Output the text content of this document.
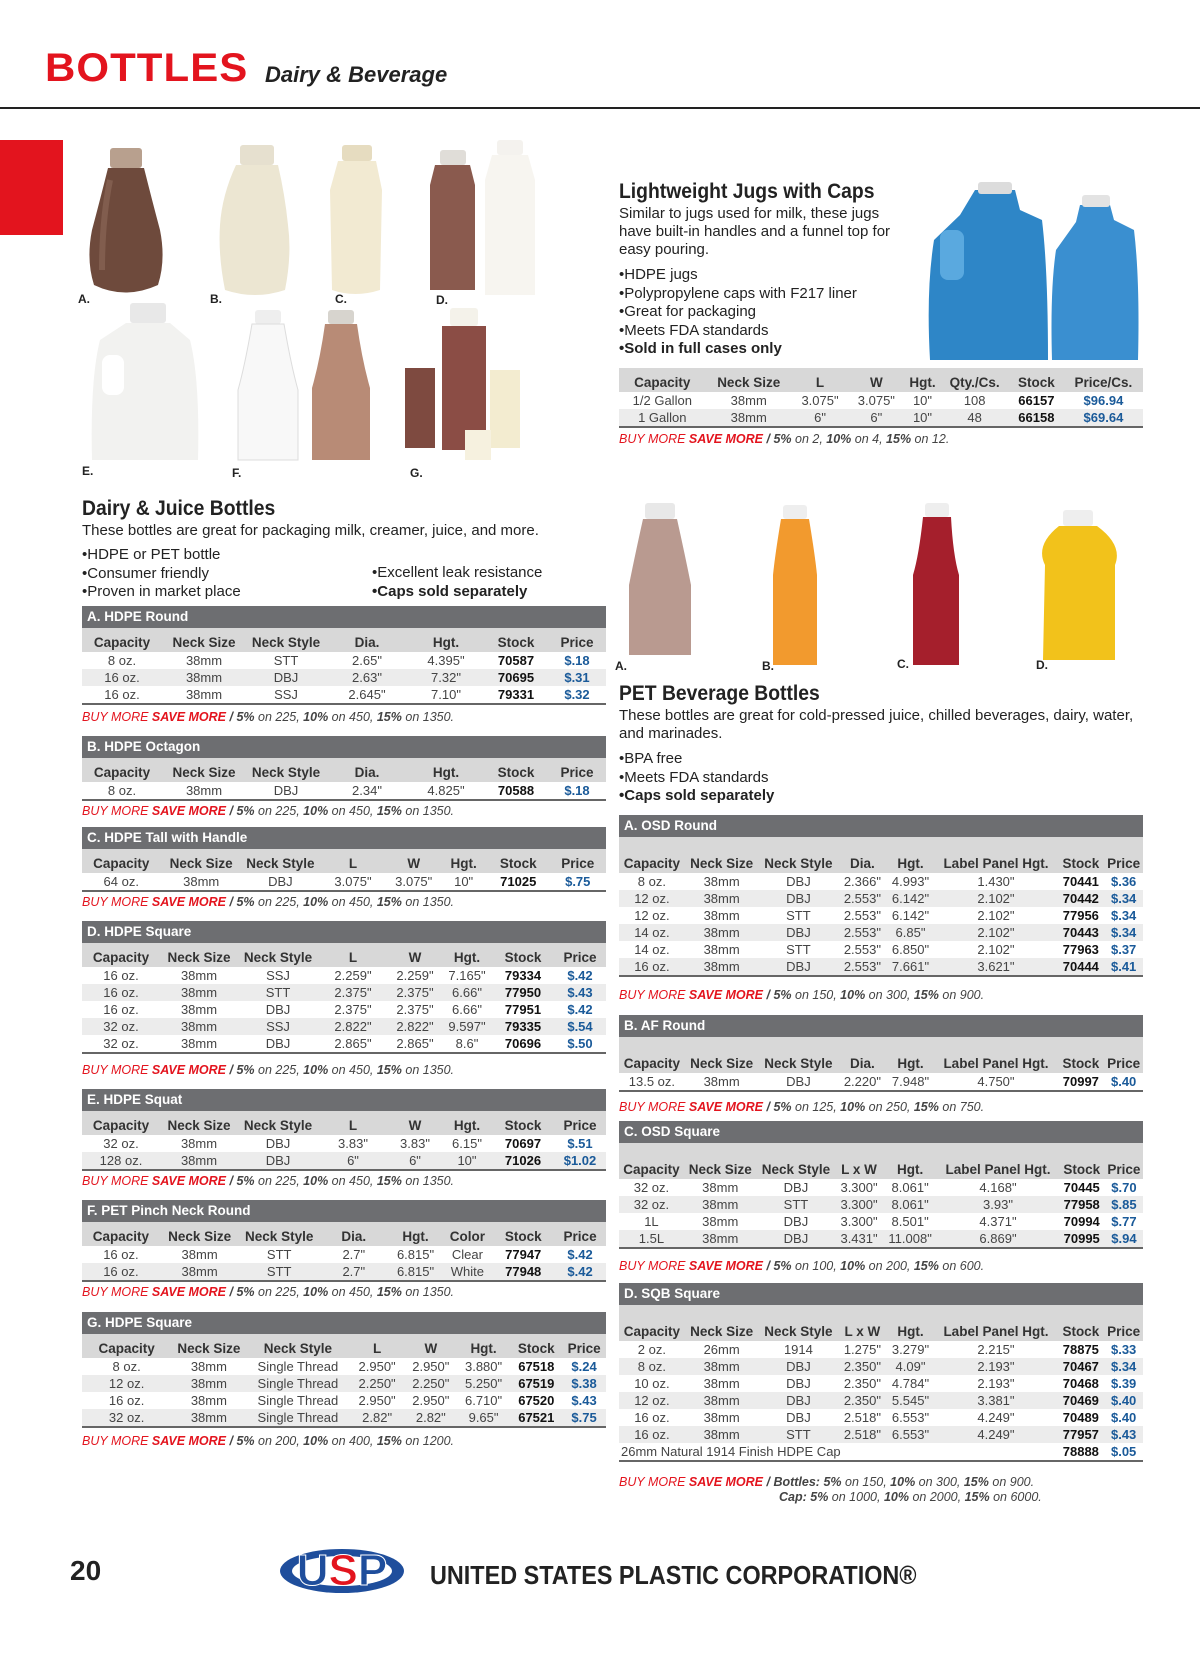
BOTTLES Dairy & Beverage
A.	B.	C.	D.
E.	F.	G.
Lightweight Jugs with Caps
Similar to jugs used for milk, these jugs have built-in handles and a funnel top for easy pouring.
• HDPE jugs
• Polypropylene caps with F217 liner
• Great for packaging
• Meets FDA standards
• Sold in full cases only
Capacity	Neck Size	L	W	Hgt.	Qty./Cs.	Stock	Price/Cs.
1/2 Gallon	38mm	3.075"	3.075"	10"	108	66157	$96.94
1 Gallon	38mm	6"	6"	10"	48	66158	$69.64
BUY MORE SAVE MORE / 5% on 2, 10% on 4, 15% on 12.
Dairy & Juice Bottles
These bottles are great for packaging milk, creamer, juice, and more.
• HDPE or PET bottle
• Consumer friendly
• Proven in market place
• Excellent leak resistance
• Caps sold separately
A.	B.	C.	D.
PET Beverage Bottles
These bottles are great for cold-pressed juice, chilled beverages, dairy, water, and marinades.
• BPA free
• Meets FDA standards
• Caps sold separately
A. HDPE Round
Capacity	Neck Size	Neck Style	Dia.	Hgt.	Stock	Price
8 oz.	38mm	STT	2.65"	4.395"	70587	$.18
16 oz.	38mm	DBJ	2.63"	7.32"	70695	$.31
16 oz.	38mm	SSJ	2.645"	7.10"	79331	$.32
BUY MORE SAVE MORE / 5% on 225, 10% on 450, 15% on 1350.
B. HDPE Octagon
Capacity	Neck Size	Neck Style	Dia.	Hgt.	Stock	Price
8 oz.	38mm	DBJ	2.34"	4.825"	70588	$.18
BUY MORE SAVE MORE / 5% on 225, 10% on 450, 15% on 1350.
C. HDPE Tall with Handle
Capacity	Neck Size	Neck Style	L	W	Hgt.	Stock	Price
64 oz.	38mm	DBJ	3.075"	3.075"	10"	71025	$.75
BUY MORE SAVE MORE / 5% on 225, 10% on 450, 15% on 1350.
D. HDPE Square
Capacity	Neck Size	Neck Style	L	W	Hgt.	Stock	Price
16 oz.	38mm	SSJ	2.259"	2.259"	7.165"	79334	$.42
16 oz.	38mm	STT	2.375"	2.375"	6.66"	77950	$.43
16 oz.	38mm	DBJ	2.375"	2.375"	6.66"	77951	$.42
32 oz.	38mm	SSJ	2.822"	2.822"	9.597"	79335	$.54
32 oz.	38mm	DBJ	2.865"	2.865"	8.6"	70696	$.50
BUY MORE SAVE MORE / 5% on 225, 10% on 450, 15% on 1350.
E. HDPE Squat
Capacity	Neck Size	Neck Style	L	W	Hgt.	Stock	Price
32 oz.	38mm	DBJ	3.83"	3.83"	6.15"	70697	$.51
128 oz.	38mm	DBJ	6"	6"	10"	71026	$1.02
BUY MORE SAVE MORE / 5% on 225, 10% on 450, 15% on 1350.
F. PET Pinch Neck Round
Capacity	Neck Size	Neck Style	Dia.	Hgt.	Color	Stock	Price
16 oz.	38mm	STT	2.7"	6.815"	Clear	77947	$.42
16 oz.	38mm	STT	2.7"	6.815"	White	77948	$.42
BUY MORE SAVE MORE / 5% on 225, 10% on 450, 15% on 1350.
G. HDPE Square
Capacity	Neck Size	Neck Style	L	W	Hgt.	Stock	Price
8 oz.	38mm	Single Thread	2.950"	2.950"	3.880"	67518	$.24
12 oz.	38mm	Single Thread	2.250"	2.250"	5.250"	67519	$.38
16 oz.	38mm	Single Thread	2.950"	2.950"	6.710"	67520	$.43
32 oz.	38mm	Single Thread	2.82"	2.82"	9.65"	67521	$.75
BUY MORE SAVE MORE / 5% on 200, 10% on 400, 15% on 1200.
A. OSD Round
Capacity	Neck Size	Neck Style	Dia.	Hgt.	Label Panel Hgt.	Stock	Price
8 oz.	38mm	DBJ	2.366"	4.993"	1.430"	70441	$.36
12 oz.	38mm	DBJ	2.553"	6.142"	2.102"	70442	$.34
12 oz.	38mm	STT	2.553"	6.142"	2.102"	77956	$.34
14 oz.	38mm	DBJ	2.553"	6.85"	2.102"	70443	$.34
14 oz.	38mm	STT	2.553"	6.850"	2.102"	77963	$.37
16 oz.	38mm	DBJ	2.553"	7.661"	3.621"	70444	$.41
BUY MORE SAVE MORE / 5% on 150, 10% on 300, 15% on 900.
B. AF Round
Capacity	Neck Size	Neck Style	Dia.	Hgt.	Label Panel Hgt.	Stock	Price
13.5 oz.	38mm	DBJ	2.220"	7.948"	4.750"	70997	$.40
BUY MORE SAVE MORE / 5% on 125, 10% on 250, 15% on 750.
C. OSD Square
Capacity	Neck Size	Neck Style	L x W	Hgt.	Label Panel Hgt.	Stock	Price
32 oz.	38mm	DBJ	3.300"	8.061"	4.168"	70445	$.70
32 oz.	38mm	STT	3.300"	8.061"	3.93"	77958	$.85
1L	38mm	DBJ	3.300"	8.501"	4.371"	70994	$.77
1.5L	38mm	DBJ	3.431"	11.008"	6.869"	70995	$.94
BUY MORE SAVE MORE / 5% on 100, 10% on 200, 15% on 600.
D. SQB Square
Capacity	Neck Size	Neck Style	L x W	Hgt.	Label Panel Hgt.	Stock	Price
2 oz.	26mm	1914	1.275"	3.279"	2.215"	78875	$.33
8 oz.	38mm	DBJ	2.350"	4.09"	2.193"	70467	$.34
10 oz.	38mm	DBJ	2.350"	4.784"	2.193"	70468	$.39
12 oz.	38mm	DBJ	2.350"	5.545"	3.381"	70469	$.40
16 oz.	38mm	DBJ	2.518"	6.553"	4.249"	70489	$.40
16 oz.	38mm	STT	2.518"	6.553"	4.249"	77957	$.43
26mm Natural 1914 Finish HDPE Cap						78888	$.05
BUY MORE SAVE MORE / Bottles: 5% on 150, 10% on 300, 15% on 900.
Cap: 5% on 1000, 10% on 2000, 15% on 6000.
20	USP UNITED STATES PLASTIC CORPORATION®
